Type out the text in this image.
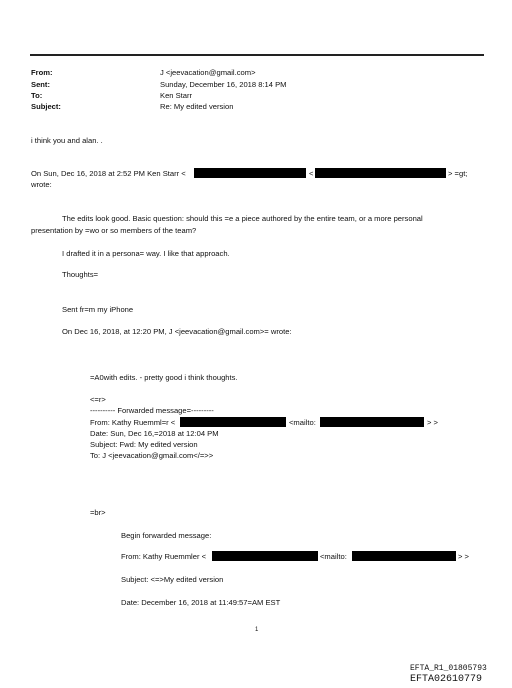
From:	J <jeevacation@gmail.com>
Sent:	Sunday, December 16, 2018 8:14 PM
To:	Ken Starr
Subject:	Re: My edited version
i think you and alan. .
On Sun, Dec 16, 2018 at 2:52 PM Ken Starr <	<	> =gt;
wrote:
The edits look good. Basic question: should this =e a piece authored by the entire team, or a more personal
presentation by =wo or so members of the team?
I drafted it in a persona= way. I like that approach.
Thoughts=
Sent fr=m my iPhone
On Dec 16, 2018, at 12:20 PM, J <jeevacation@gmail.com>= wrote:
=A0with edits. - pretty good i think thoughts.
<=r>
---------- Forwarded message=---------
From: Kathy Ruemml=r <	<mailto:	> >
Date: Sun, Dec 16,=2018 at 12:04 PM
Subject: Fwd: My edited version
To: J <jeevacation@gmail.com</=>>
=br>
Begin forwarded message:
From: Kathy Ruemmler <	<mailto:	> >
Subject: <=>My edited version
Date: December 16, 2018 at 11:49:57=AM EST
1
EFTA_R1_01805793
EFTA02610779
